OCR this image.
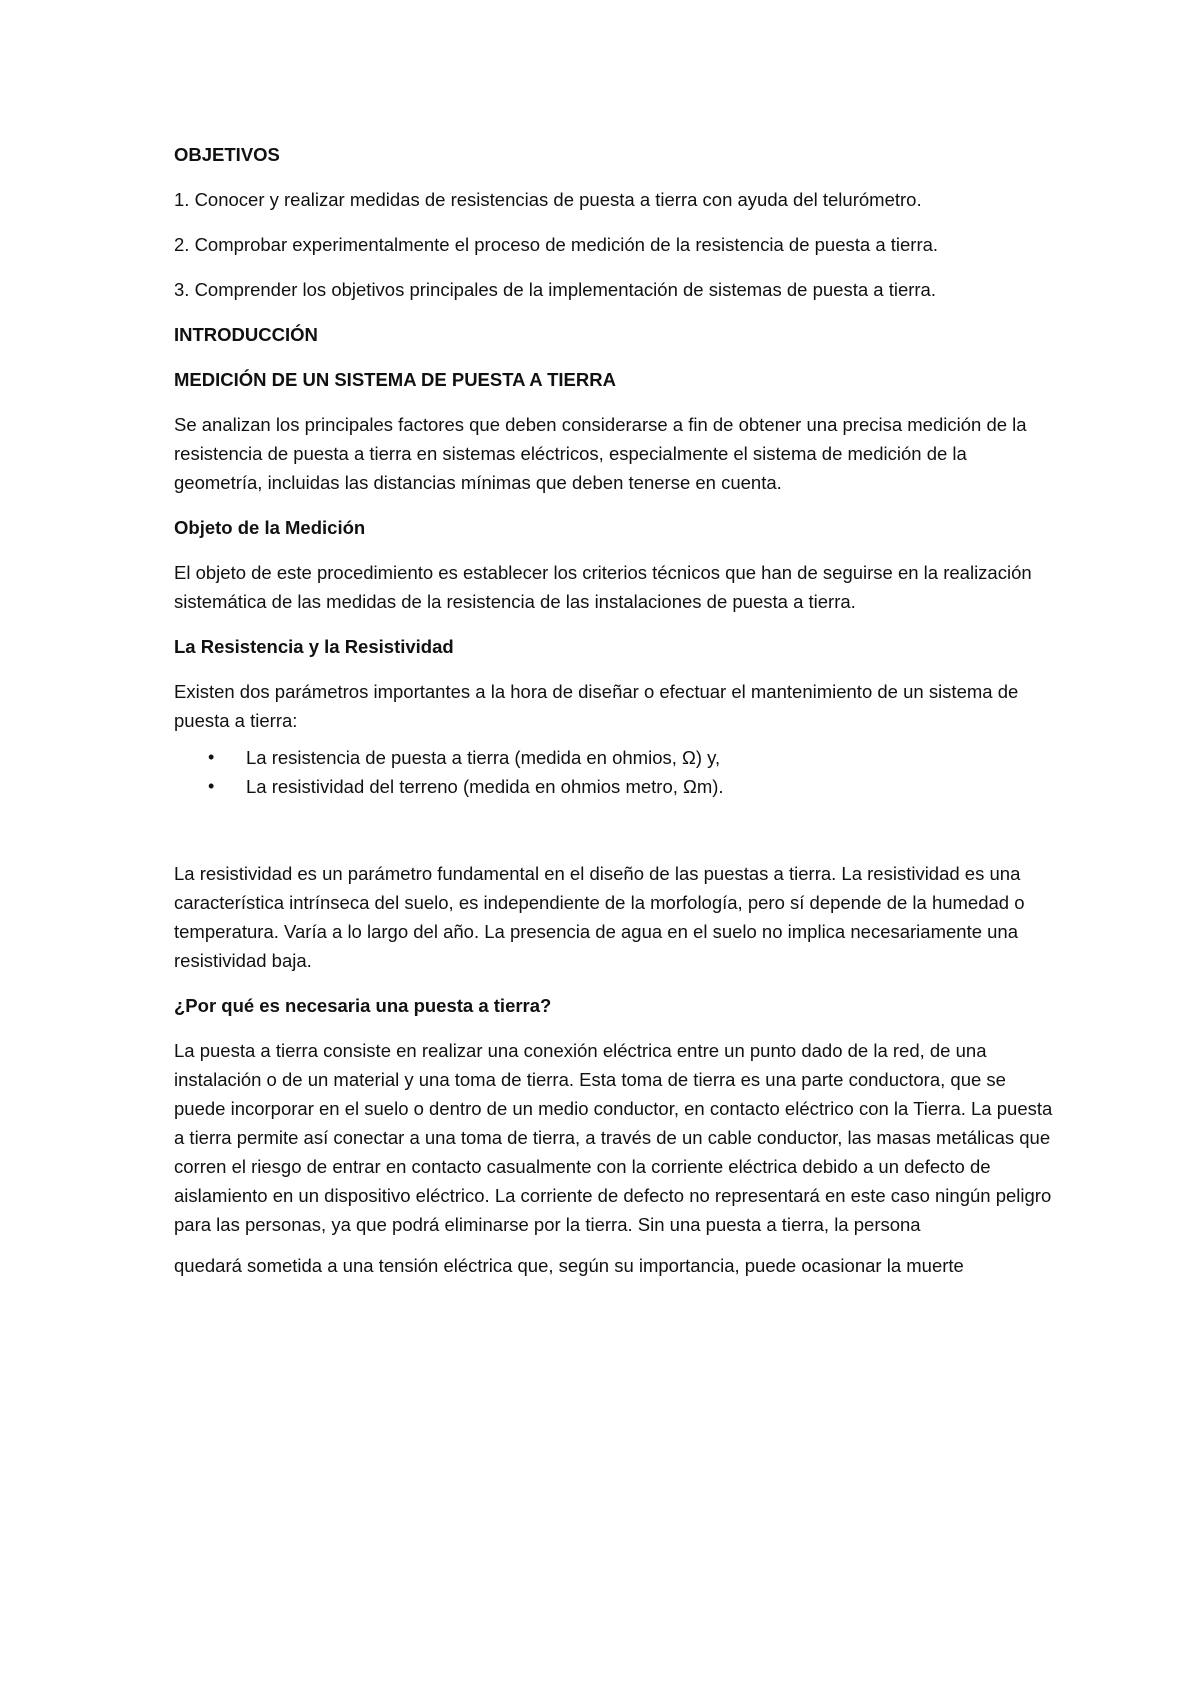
OBJETIVOS

1. Conocer y realizar medidas de resistencias de puesta a tierra con ayuda del telurómetro.

2. Comprobar experimentalmente el proceso de medición de la resistencia de puesta a tierra.

3. Comprender los objetivos principales de la implementación de sistemas de puesta a tierra.

INTRODUCCIÓN

MEDICIÓN DE UN SISTEMA DE PUESTA A TIERRA

Se analizan los principales factores que deben considerarse a fin de obtener una precisa medición de la resistencia de puesta a tierra en sistemas eléctricos, especialmente el sistema de medición de la geometría, incluidas las distancias mínimas que deben tenerse en cuenta.

Objeto de la Medición

El objeto de este procedimiento es establecer los criterios técnicos que han de seguirse en la realización sistemática de las medidas de la resistencia de las instalaciones de puesta a tierra.

La Resistencia y la Resistividad

Existen dos parámetros importantes a la hora de diseñar o efectuar el mantenimiento de un sistema de puesta a tierra:

• La resistencia de puesta a tierra (medida en ohmios, Ω) y,
• La resistividad del terreno (medida en ohmios metro, Ωm).

La resistividad es un parámetro fundamental en el diseño de las puestas a tierra. La resistividad es una característica intrínseca del suelo, es independiente de la morfología, pero sí depende de la humedad o temperatura. Varía a lo largo del año. La presencia de agua en el suelo no implica necesariamente una resistividad baja.

¿Por qué es necesaria una puesta a tierra?

La puesta a tierra consiste en realizar una conexión eléctrica entre un punto dado de la red, de una instalación o de un material y una toma de tierra. Esta toma de tierra es una parte conductora, que se puede incorporar en el suelo o dentro de un medio conductor, en contacto eléctrico con la Tierra. La puesta a tierra permite así conectar a una toma de tierra, a través de un cable conductor, las masas metálicas que corren el riesgo de entrar en contacto casualmente con la corriente eléctrica debido a un defecto de aislamiento en un dispositivo eléctrico. La corriente de defecto no representará en este caso ningún peligro para las personas, ya que podrá eliminarse por la tierra. Sin una puesta a tierra, la persona

quedará sometida a una tensión eléctrica que, según su importancia, puede ocasionar la muerte
